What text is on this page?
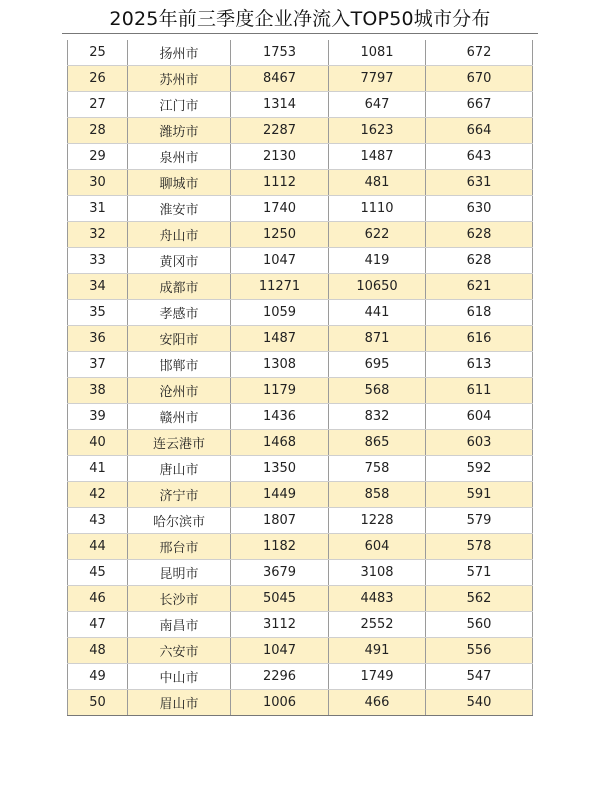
2025年前三季度企业净流入TOP50城市分布
25	扬州市	1753	1081	672
26	苏州市	8467	7797	670
27	江门市	1314	647	667
28	潍坊市	2287	1623	664
29	泉州市	2130	1487	643
30	聊城市	1112	481	631
31	淮安市	1740	1110	630
32	舟山市	1250	622	628
33	黄冈市	1047	419	628
34	成都市	11271	10650	621
35	孝感市	1059	441	618
36	安阳市	1487	871	616
37	邯郸市	1308	695	613
38	沧州市	1179	568	611
39	赣州市	1436	832	604
40	连云港市	1468	865	603
41	唐山市	1350	758	592
42	济宁市	1449	858	591
43	哈尔滨市	1807	1228	579
44	邢台市	1182	604	578
45	昆明市	3679	3108	571
46	长沙市	5045	4483	562
47	南昌市	3112	2552	560
48	六安市	1047	491	556
49	中山市	2296	1749	547
50	眉山市	1006	466	540
